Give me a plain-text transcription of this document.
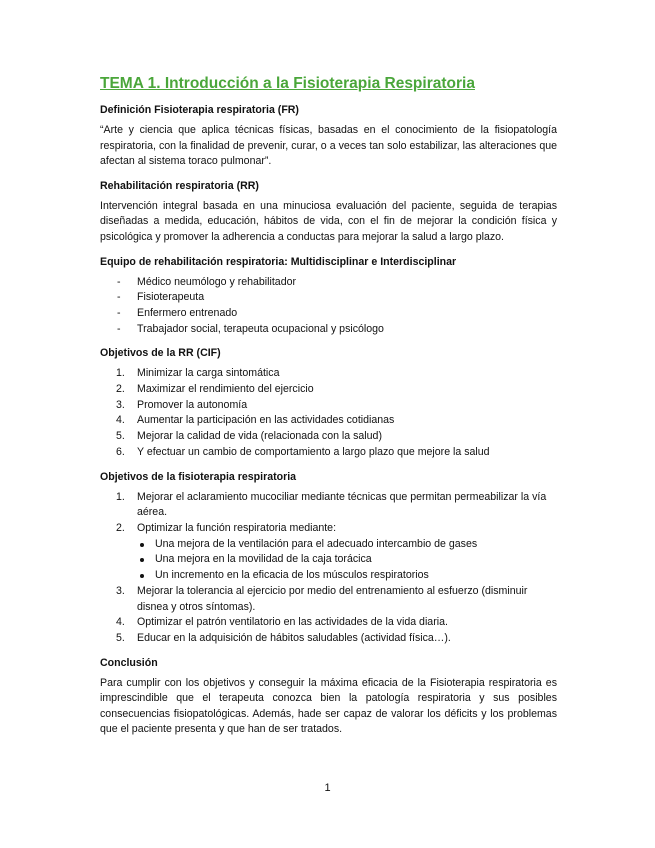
TEMA 1. Introducción a la Fisioterapia Respiratoria
Definición Fisioterapia respiratoria (FR)

“Arte y ciencia que aplica técnicas físicas, basadas en el conocimiento de la fisiopatología respiratoria, con la finalidad de prevenir, curar, o a veces tan solo estabilizar, las alteraciones que afectan al sistema toraco pulmonar”.

Rehabilitación respiratoria (RR)

Intervención integral basada en una minuciosa evaluación del paciente, seguida de terapias diseñadas a medida, educación, hábitos de vida, con el fin de mejorar la condición física y psicológica y promover la adherencia a conductas para mejorar la salud a largo plazo.

Equipo de rehabilitación respiratoria: Multidisciplinar e Interdisciplinar
- Médico neumólogo y rehabilitador
- Fisioterapeuta
- Enfermero entrenado
- Trabajador social, terapeuta ocupacional y psicólogo
Objetivos de la RR (CIF)
1. Minimizar la carga sintomática
2. Maximizar el rendimiento del ejercicio
3. Promover la autonomía
4. Aumentar la participación en las actividades cotidianas
5. Mejorar la calidad de vida (relacionada con la salud)
6. Y efectuar un cambio de comportamiento a largo plazo que mejore la salud
Objetivos de la fisioterapia respiratoria
1. Mejorar el aclaramiento mucociliar mediante técnicas que permitan permeabilizar la vía aérea.
2. Optimizar la función respiratoria mediante:
Una mejora de la ventilación para el adecuado intercambio de gases
Una mejora en la movilidad de la caja torácica
Un incremento en la eficacia de los músculos respiratorios
3. Mejorar la tolerancia al ejercicio por medio del entrenamiento al esfuerzo (disminuir disnea y otros síntomas).
4. Optimizar el patrón ventilatorio en las actividades de la vida diaria.
5. Educar en la adquisición de hábitos saludables (actividad física…).
Conclusión

Para cumplir con los objetivos y conseguir la máxima eficacia de la Fisioterapia respiratoria es imprescindible que el terapeuta conozca bien la patología respiratoria y sus posibles consecuencias fisiopatológicas. Además, hade ser capaz de valorar los déficits y los problemas que el paciente presenta y que han de ser tratados.

1
